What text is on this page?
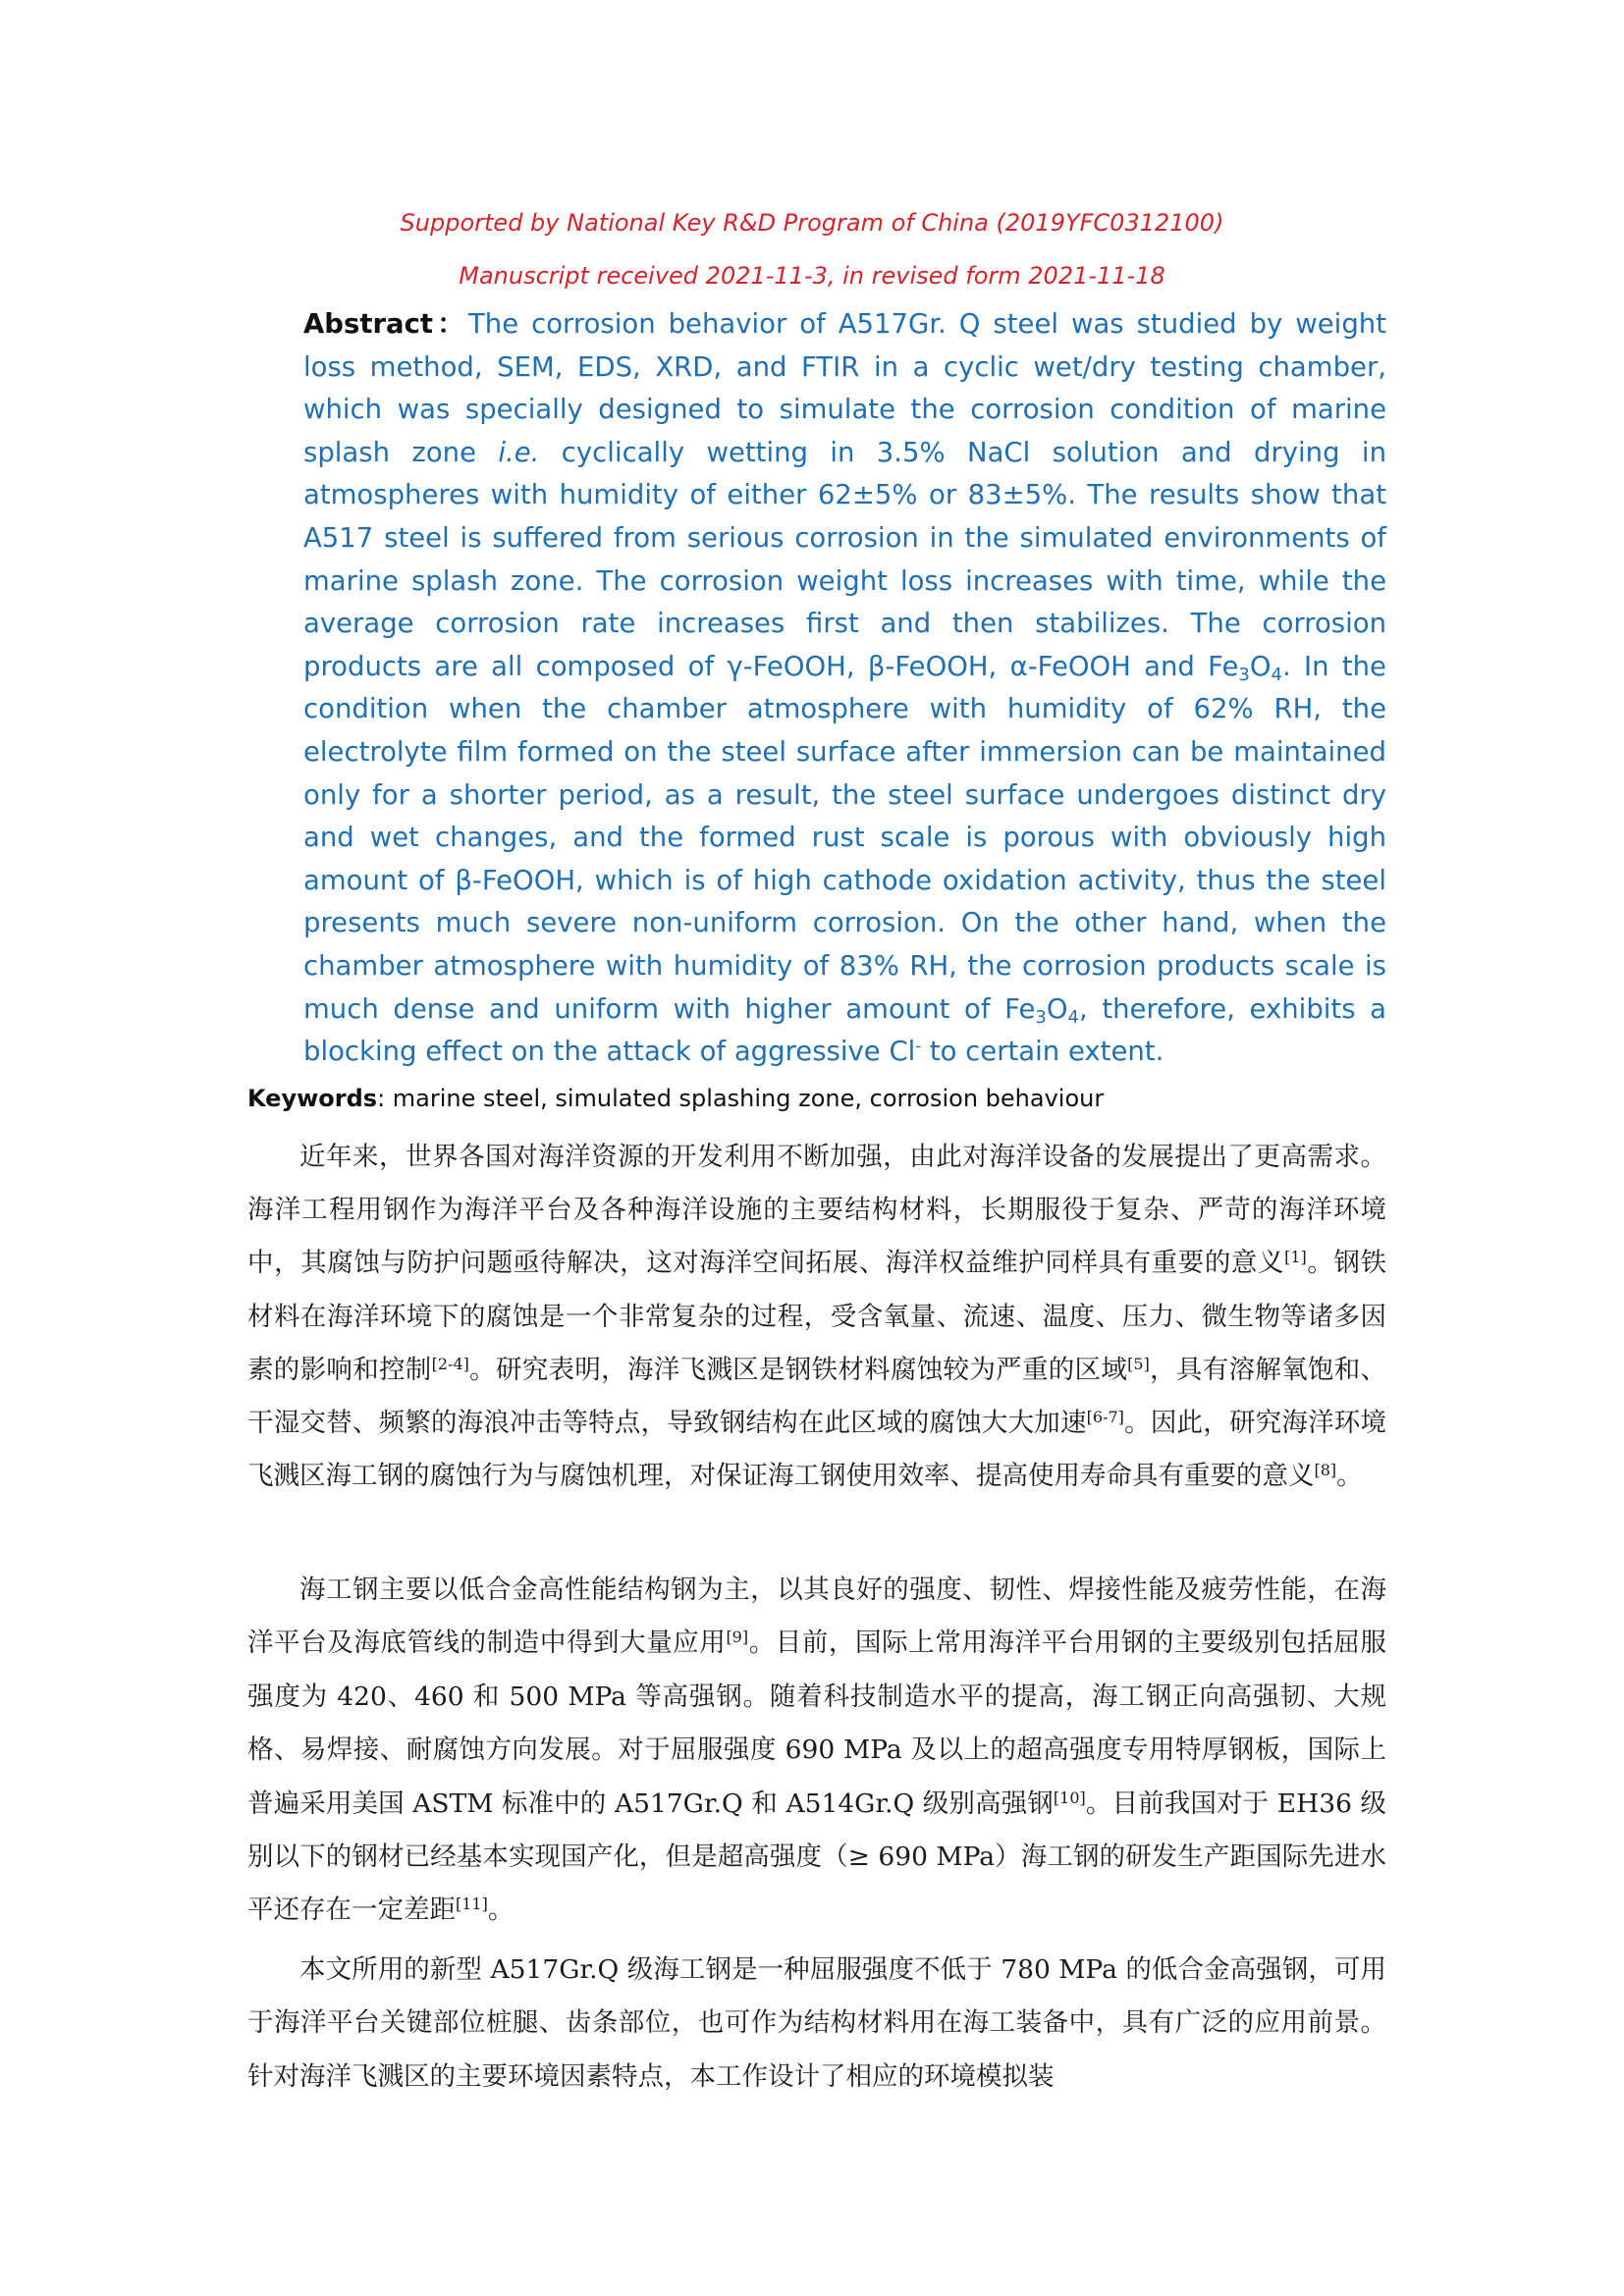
Supported by National Key R&D Program of China (2019YFC0312100)
Manuscript received 2021-11-3, in revised form 2021-11-18
Abstract：The corrosion behavior of A517Gr. Q steel was studied by weight loss method, SEM, EDS, XRD, and FTIR in a cyclic wet/dry testing chamber, which was specially designed to simulate the corrosion condition of marine splash zone i.e. cyclically wetting in 3.5% NaCl solution and drying in atmospheres with humidity of either 62±5% or 83±5%. The results show that A517 steel is suffered from serious corrosion in the simulated environments of marine splash zone. The corrosion weight loss increases with time, while the average corrosion rate increases first and then stabilizes. The corrosion products are all composed of γ-FeOOH, β-FeOOH, α-FeOOH and $Fe_3O_4$. In the condition when the chamber atmosphere with humidity of 62% RH, the electrolyte film formed on the steel surface after immersion can be maintained only for a shorter period, as a result, the steel surface undergoes distinct dry and wet changes, and the formed rust scale is porous with obviously high amount of β-FeOOH, which is of high cathode oxidation activity, thus the steel presents much severe non-uniform corrosion. On the other hand, when the chamber atmosphere with humidity of 83% RH, the corrosion products scale is much dense and uniform with higher amount of $Fe_3O_4$, therefore, exhibits a blocking effect on the attack of aggressive Cl- to certain extent.
Keywords: marine steel, simulated splashing zone, corrosion behaviour

近年来，世界各国对海洋资源的开发利用不断加强，由此对海洋设备的发展提出了更高需求。海洋工程用钢作为海洋平台及各种海洋设施的主要结构材料，长期服役于复杂、严苛的海洋环境中，其腐蚀与防护问题亟待解决，这对海洋空间拓展、海洋权益维护同样具有重要的意义[1]。钢铁材料在海洋环境下的腐蚀是一个非常复杂的过程，受含氧量、流速、温度、压力、微生物等诸多因素的影响和控制[2-4]。研究表明，海洋飞溅区是钢铁材料腐蚀较为严重的区域[5]，具有溶解氧饱和、干湿交替、频繁的海浪冲击等特点，导致钢结构在此区域的腐蚀大大加速[6-7]。因此，研究海洋环境飞溅区海工钢的腐蚀行为与腐蚀机理，对保证海工钢使用效率、提高使用寿命具有重要的意义[8]。

海工钢主要以低合金高性能结构钢为主，以其良好的强度、韧性、焊接性能及疲劳性能，在海洋平台及海底管线的制造中得到大量应用[9]。目前，国际上常用海洋平台用钢的主要级别包括屈服强度为 420、460 和 500 MPa 等高强钢。随着科技制造水平的提高，海工钢正向高强韧、大规格、易焊接、耐腐蚀方向发展。对于屈服强度 690 MPa 及以上的超高强度专用特厚钢板，国际上普遍采用美国 ASTM 标准中的 A517Gr.Q 和 A514Gr.Q 级别高强钢[10]。目前我国对于 EH36 级别以下的钢材已经基本实现国产化，但是超高强度（≥ 690 MPa）海工钢的研发生产距国际先进水平还存在一定差距[11]。

本文所用的新型 A517Gr.Q 级海工钢是一种屈服强度不低于 780 MPa 的低合金高强钢，可用于海洋平台关键部位桩腿、齿条部位，也可作为结构材料用在海工装备中，具有广泛的应用前景。针对海洋飞溅区的主要环境因素特点，本工作设计了相应的环境模拟装
